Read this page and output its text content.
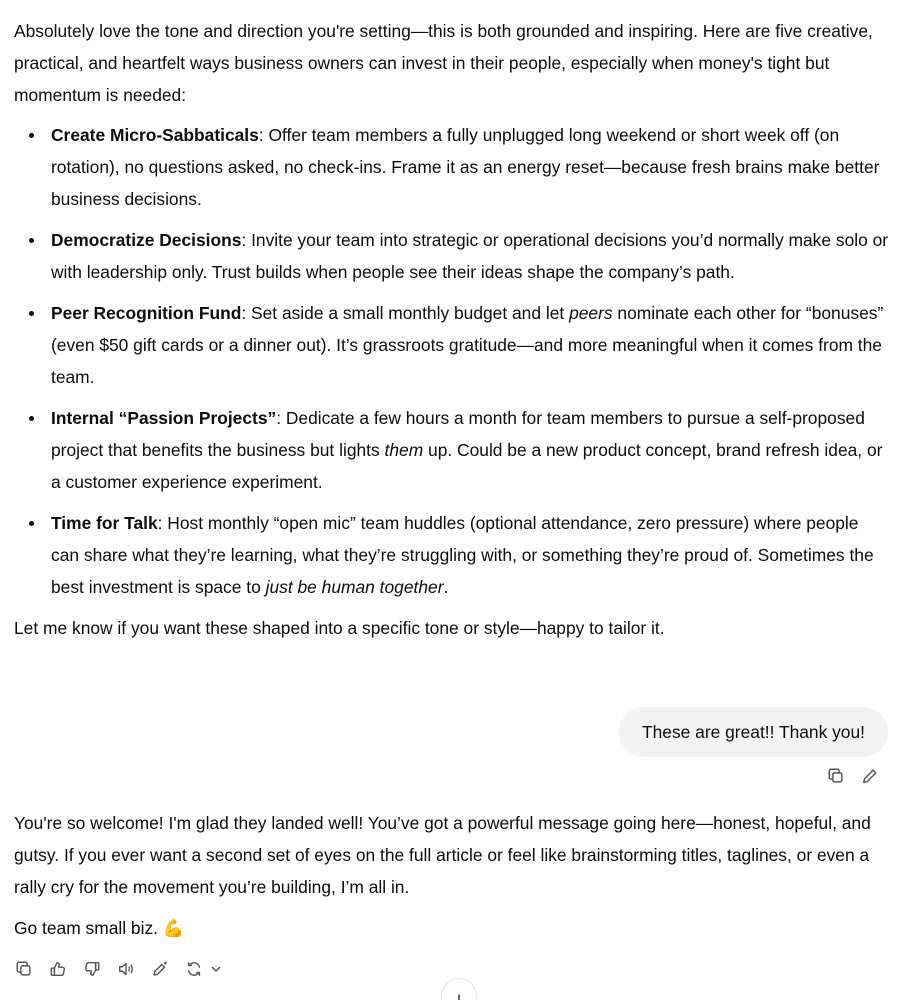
Absolutely love the tone and direction you're setting—this is both grounded and inspiring. Here are five creative, practical, and heartfelt ways business owners can invest in their people, especially when money's tight but momentum is needed:

Create Micro-Sabbaticals: Offer team members a fully unplugged long weekend or short week off (on rotation), no questions asked, no check-ins. Frame it as an energy reset—because fresh brains make better business decisions.
Democratize Decisions: Invite your team into strategic or operational decisions you’d normally make solo or with leadership only. Trust builds when people see their ideas shape the company’s path.
Peer Recognition Fund: Set aside a small monthly budget and let peers nominate each other for “bonuses” (even $50 gift cards or a dinner out). It’s grassroots gratitude—and more meaningful when it comes from the team.
Internal “Passion Projects”: Dedicate a few hours a month for team members to pursue a self-proposed project that benefits the business but lights them up. Could be a new product concept, brand refresh idea, or a customer experience experiment.
Time for Talk: Host monthly “open mic” team huddles (optional attendance, zero pressure) where people can share what they’re learning, what they’re struggling with, or something they’re proud of. Sometimes the best investment is space to just be human together.

Let me know if you want these shaped into a specific tone or style—happy to tailor it.

These are great!! Thank you!

You're so welcome! I'm glad they landed well! You’ve got a powerful message going here—honest, hopeful, and gutsy. If you ever want a second set of eyes on the full article or feel like brainstorming titles, taglines, or even a rally cry for the movement you’re building, I’m all in.

Go team small biz. 💪
